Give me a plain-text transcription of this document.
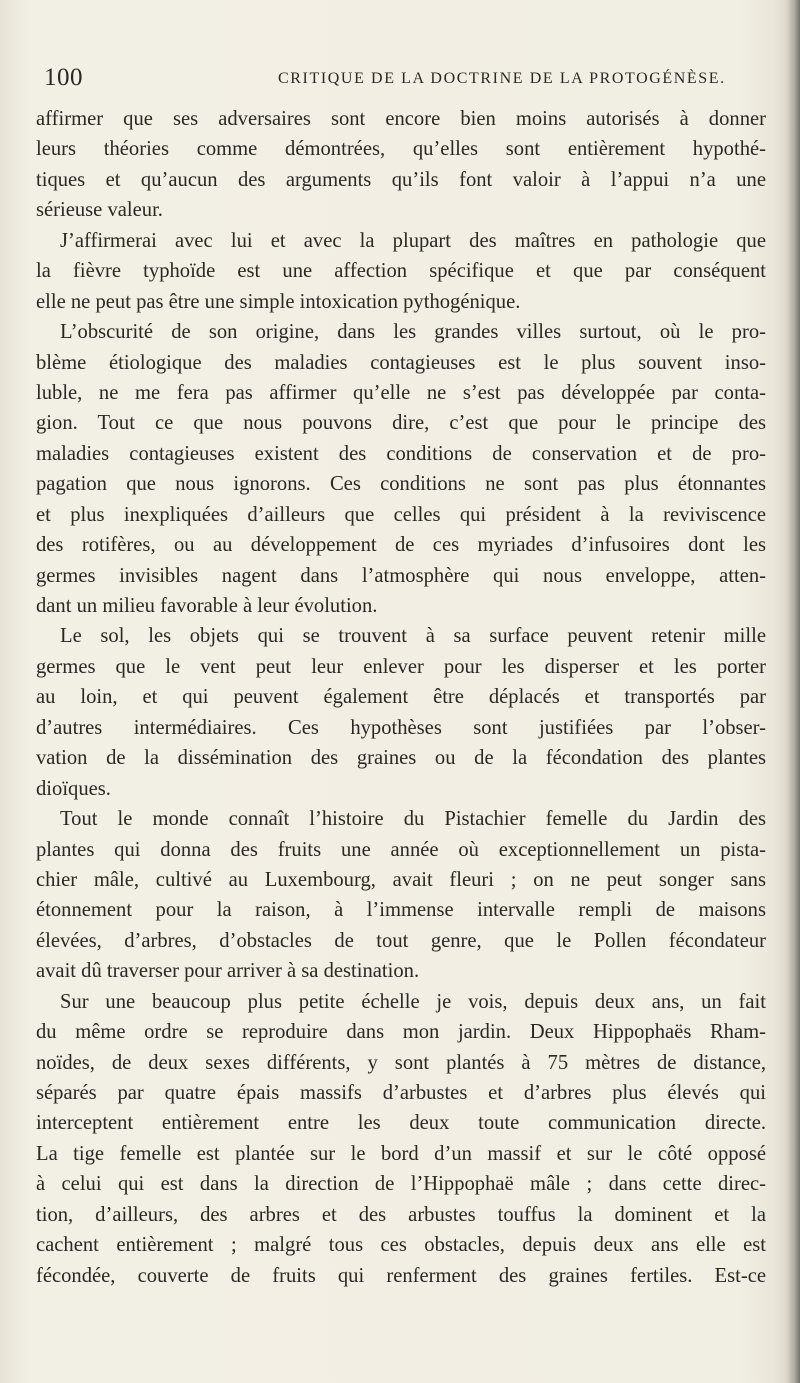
100	CRITIQUE DE LA DOCTRINE DE LA PROTOGÉNÈSE.
affirmer que ses adversaires sont encore bien moins autorisés à donner
leurs théories comme démontrées, qu’elles sont entièrement hypothé-
tiques et qu’aucun des arguments qu’ils font valoir à l’appui n’a une
sérieuse valeur.
J’affirmerai avec lui et avec la plupart des maîtres en pathologie que
la fièvre typhoïde est une affection spécifique et que par conséquent
elle ne peut pas être une simple intoxication pythogénique.
L’obscurité de son origine, dans les grandes villes surtout, où le pro-
blème étiologique des maladies contagieuses est le plus souvent inso-
luble, ne me fera pas affirmer qu’elle ne s’est pas développée par conta-
gion. Tout ce que nous pouvons dire, c’est que pour le principe des
maladies contagieuses existent des conditions de conservation et de pro-
pagation que nous ignorons. Ces conditions ne sont pas plus étonnantes
et plus inexpliquées d’ailleurs que celles qui président à la reviviscence
des rotifères, ou au développement de ces myriades d’infusoires dont les
germes invisibles nagent dans l’atmosphère qui nous enveloppe, atten-
dant un milieu favorable à leur évolution.
Le sol, les objets qui se trouvent à sa surface peuvent retenir mille
germes que le vent peut leur enlever pour les disperser et les porter
au loin, et qui peuvent également être déplacés et transportés par
d’autres intermédiaires. Ces hypothèses sont justifiées par l’obser-
vation de la dissémination des graines ou de la fécondation des plantes
dioïques.
Tout le monde connaît l’histoire du Pistachier femelle du Jardin des
plantes qui donna des fruits une année où exceptionnellement un pista-
chier mâle, cultivé au Luxembourg, avait fleuri ; on ne peut songer sans
étonnement pour la raison, à l’immense intervalle rempli de maisons
élevées, d’arbres, d’obstacles de tout genre, que le Pollen fécondateur
avait dû traverser pour arriver à sa destination.
Sur une beaucoup plus petite échelle je vois, depuis deux ans, un fait
du même ordre se reproduire dans mon jardin. Deux Hippophaës Rham-
noïdes, de deux sexes différents, y sont plantés à 75 mètres de distance,
séparés par quatre épais massifs d’arbustes et d’arbres plus élevés qui
interceptent entièrement entre les deux toute communication directe.
La tige femelle est plantée sur le bord d’un massif et sur le côté opposé
à celui qui est dans la direction de l’Hippophaë mâle ; dans cette direc-
tion, d’ailleurs, des arbres et des arbustes touffus la dominent et la
cachent entièrement ; malgré tous ces obstacles, depuis deux ans elle est
fécondée, couverte de fruits qui renferment des graines fertiles. Est-ce
